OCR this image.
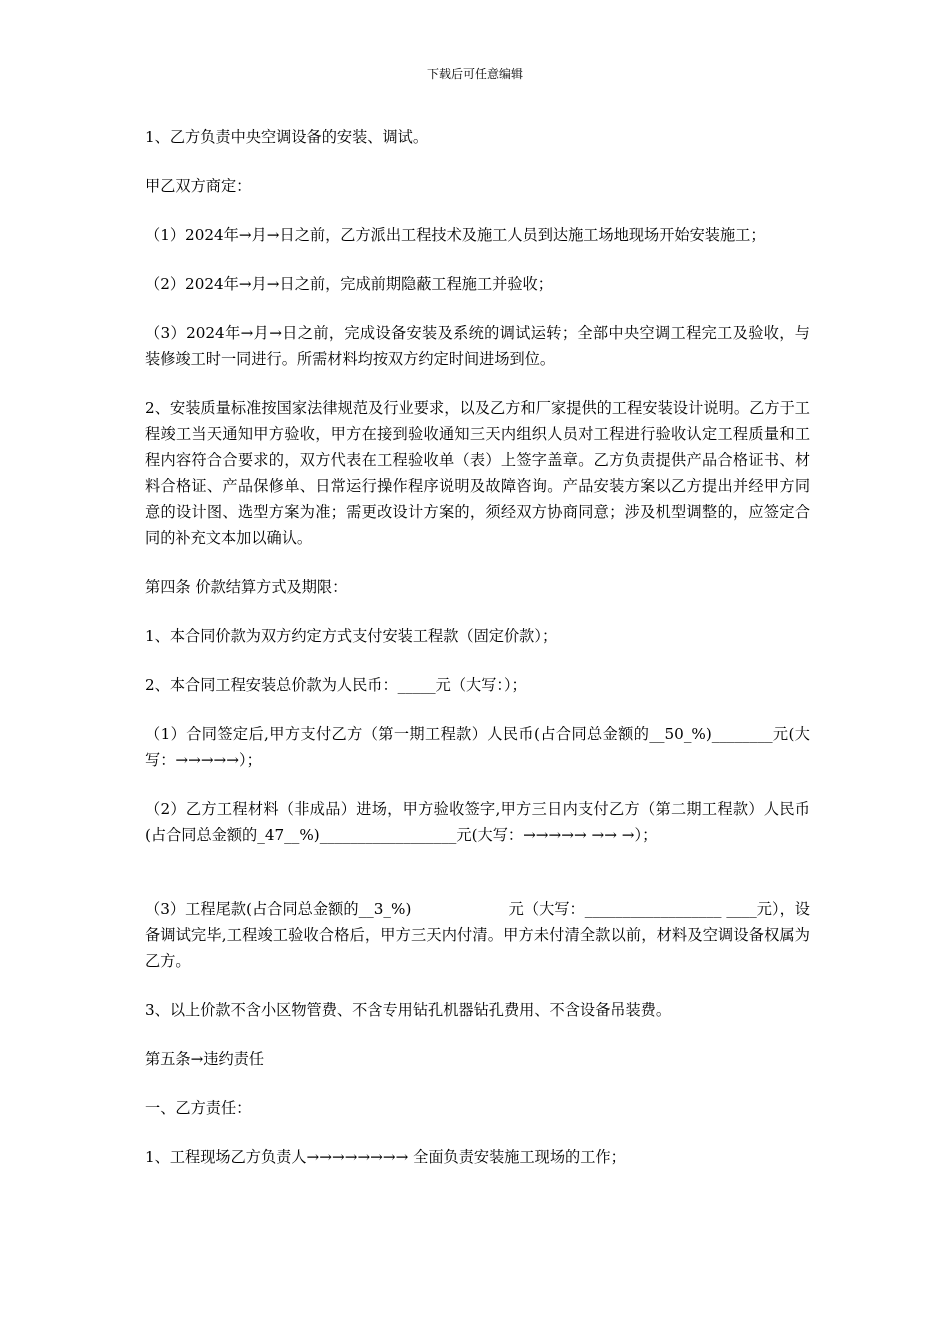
下载后可任意编辑

1、乙方负责中央空调设备的安装、调试。

甲乙双方商定：

（1）2024年→月→日之前，乙方派出工程技术及施工人员到达施工场地现场开始安装施工；

（2）2024年→月→日之前，完成前期隐蔽工程施工并验收；

（3）2024年→月→日之前，完成设备安装及系统的调试运转；全部中央空调工程完工及验收，与装修竣工时一同进行。所需材料均按双方约定时间进场到位。

2、安装质量标准按国家法律规范及行业要求，以及乙方和厂家提供的工程安装设计说明。乙方于工程竣工当天通知甲方验收，甲方在接到验收通知三天内组织人员对工程进行验收认定工程质量和工程内容符合合要求的，双方代表在工程验收单（表）上签字盖章。乙方负责提供产品合格证书、材料合格证、产品保修单、日常运行操作程序说明及故障咨询。产品安装方案以乙方提出并经甲方同意的设计图、选型方案为准；需更改设计方案的，须经双方协商同意；涉及机型调整的，应签定合同的补充文本加以确认。

第四条 价款结算方式及期限：

1、本合同价款为双方约定方式支付安装工程款（固定价款）；

2、本合同工程安装总价款为人民币：_____元（大写：）；

（1）合同签定后,甲方支付乙方（第一期工程款）人民币(占合同总金额的__50_%)________元(大写：→→→→→）；

（2）乙方工程材料（非成品）进场，甲方验收签字,甲方三日内支付乙方（第二期工程款）人民币(占合同总金额的_47__%)__________________元(大写：→→→→→ →→ →）；

（3）工程尾款(占合同总金额的__3_%)                    元（大写：__________________ ____元），设备调试完毕,工程竣工验收合格后，甲方三天内付清。甲方未付清全款以前，材料及空调设备权属为乙方。

3、以上价款不含小区物管费、不含专用钻孔机器钻孔费用、不含设备吊装费。

第五条→违约责任

一、乙方责任：

1、工程现场乙方负责人→→→→→→→→ 全面负责安装施工现场的工作；
